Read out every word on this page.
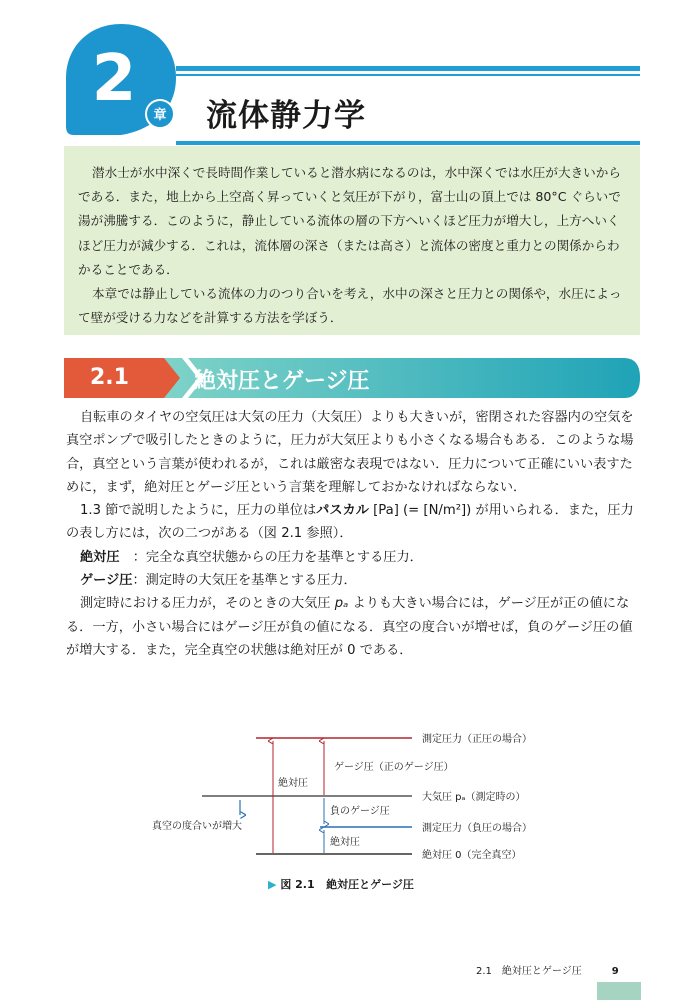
2 章 流体静力学

潜水士が水中深くで長時間作業していると潜水病になるのは，水中深くでは水圧が大きいからである．また，地上から上空高く昇っていくと気圧が下がり，富士山の頂上では 80°C ぐらいで湯が沸騰する．このように，静止している流体の層の下方へいくほど圧力が増大し，上方へいくほど圧力が減少する．これは，流体層の深さ（または高さ）と流体の密度と重力との関係からわかることである．

本章では静止している流体の力のつり合いを考え，水中の深さと圧力との関係や，水圧によって壁が受ける力などを計算する方法を学ぼう．

2.1	絶対圧とゲージ圧

自転車のタイヤの空気圧は大気の圧力（大気圧）よりも大きいが，密閉された容器内の空気を真空ポンプで吸引したときのように，圧力が大気圧よりも小さくなる場合もある．このような場合，真空という言葉が使われるが，これは厳密な表現ではない．圧力について正確にいい表すために，まず，絶対圧とゲージ圧という言葉を理解しておかなければならない．

1.3 節で説明したように，圧力の単位はパスカル [Pa] (= [N/m²]) が用いられる．また，圧力の表し方には，次の二つがある（図 2.1 参照）．

絶対圧　：完全な真空状態からの圧力を基準とする圧力．

ゲージ圧：測定時の大気圧を基準とする圧力．

測定時における圧力が，そのときの大気圧 pₐ よりも大きい場合には，ゲージ圧が正の値になる．一方，小さい場合にはゲージ圧が負の値になる．真空の度合いが増せば，負のゲージ圧の値が増大する．また，完全真空の状態は絶対圧が 0 である．

測定圧力（正圧の場合）
ゲージ圧（正のゲージ圧）
絶対圧
大気圧 pₐ（測定時の）
負のゲージ圧
真空の度合いが増大	測定圧力（負圧の場合）
絶対圧
絶対圧 0（完全真空）
▶ 図 2.1 絶対圧とゲージ圧
2.1　絶対圧とゲージ圧	9
